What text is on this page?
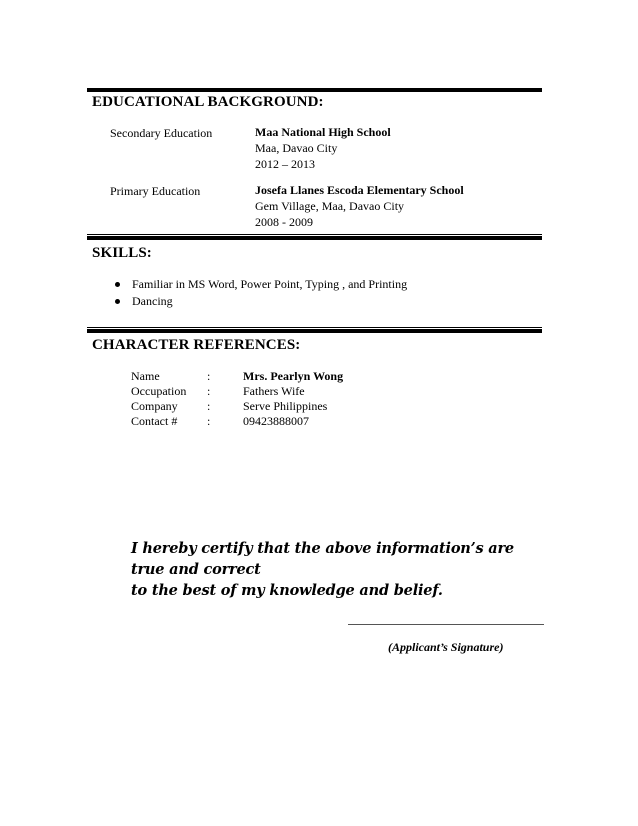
EDUCATIONAL BACKGROUND:
Secondary Education	Maa National High School
Maa, Davao City
2012 – 2013
Primary Education	Josefa Llanes Escoda Elementary School
Gem Village, Maa, Davao City
2008 - 2009
SKILLS:
Familiar in MS Word, Power Point, Typing , and Printing
Dancing
CHARACTER REFERENCES:
Name	:	Mrs. Pearlyn Wong
Occupation :	Fathers Wife
Company :	Serve Philippines
Contact # :	09423888007
I hereby certify that the above information’s are true and correct
to the best of my knowledge and belief.
(Applicant’s Signature)
